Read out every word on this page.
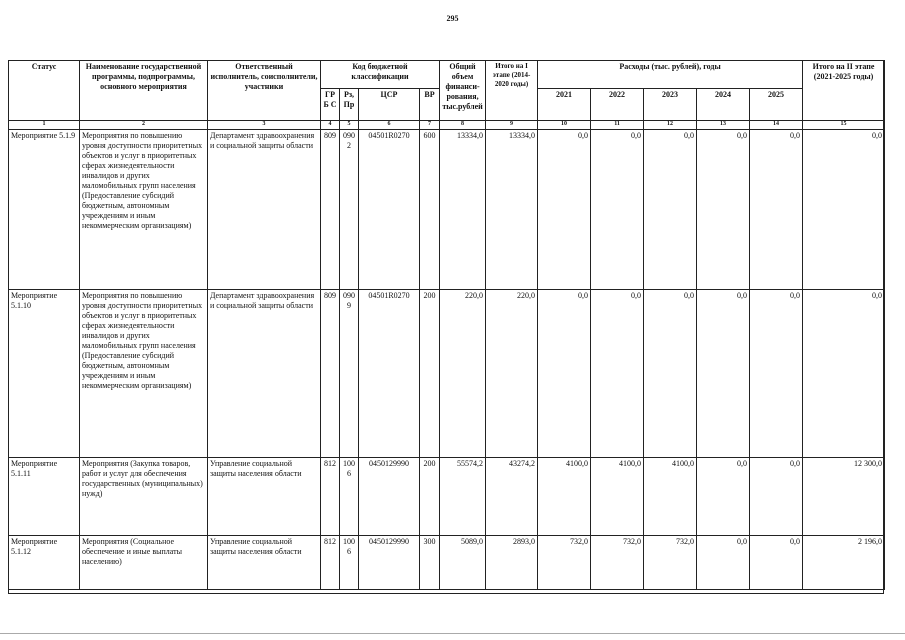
295
Статус	Наименование государственной программы, подпрограммы, основного мероприятия	Ответственный исполнитель, соисполнители, участники	Код бюджетной классификации				Общий объем финанси-рования, тыс.рублей	Итого на I этапе (2014-2020 годы)	Расходы (тыс. рублей), годы					Итого на II этапе (2021-2025 годы)
			ГРБ С	Рз, Пр	ЦСР	ВР			2021	2022	2023	2024	2025	
1	2	3	4	5	6	7	8	9	10	11	12	13	14	15
Мероприятие 5.1.9	Мероприятия по повышению уровня доступности приоритетных объектов и услуг в приоритетных сферах жизнедеятельности инвалидов и других маломобильных групп населения (Предоставление субсидий бюджетным, автономным учреждениям и иным некоммерческим организациям)	Департамент здравоохранения и социальной защиты области	809	0902	04501R0270	600	13334,0	13334,0	0,0	0,0	0,0	0,0	0,0	0,0
Мероприятие 5.1.10	Мероприятия по повышению уровня доступности приоритетных объектов и услуг в приоритетных сферах жизнедеятельности инвалидов и других маломобильных групп населения (Предоставление субсидий бюджетным, автономным учреждениям и иным некоммерческим организациям)	Департамент здравоохранения и социальной защиты области	809	0909	04501R0270	200	220,0	220,0	0,0	0,0	0,0	0,0	0,0	0,0
Мероприятие 5.1.11	Мероприятия (Закупка товаров, работ и услуг для обеспечения государственных (муниципальных) нужд)	Управление социальной защиты населения области	812	1006	0450129990	200	55574,2	43274,2	4100,0	4100,0	4100,0	0,0	0,0	12 300,0
Мероприятие 5.1.12	Мероприятия (Социальное обеспечение и иные выплаты населению)	Управление социальной защиты населения области	812	1006	0450129990	300	5089,0	2893,0	732,0	732,0	732,0	0,0	0,0	2 196,0
